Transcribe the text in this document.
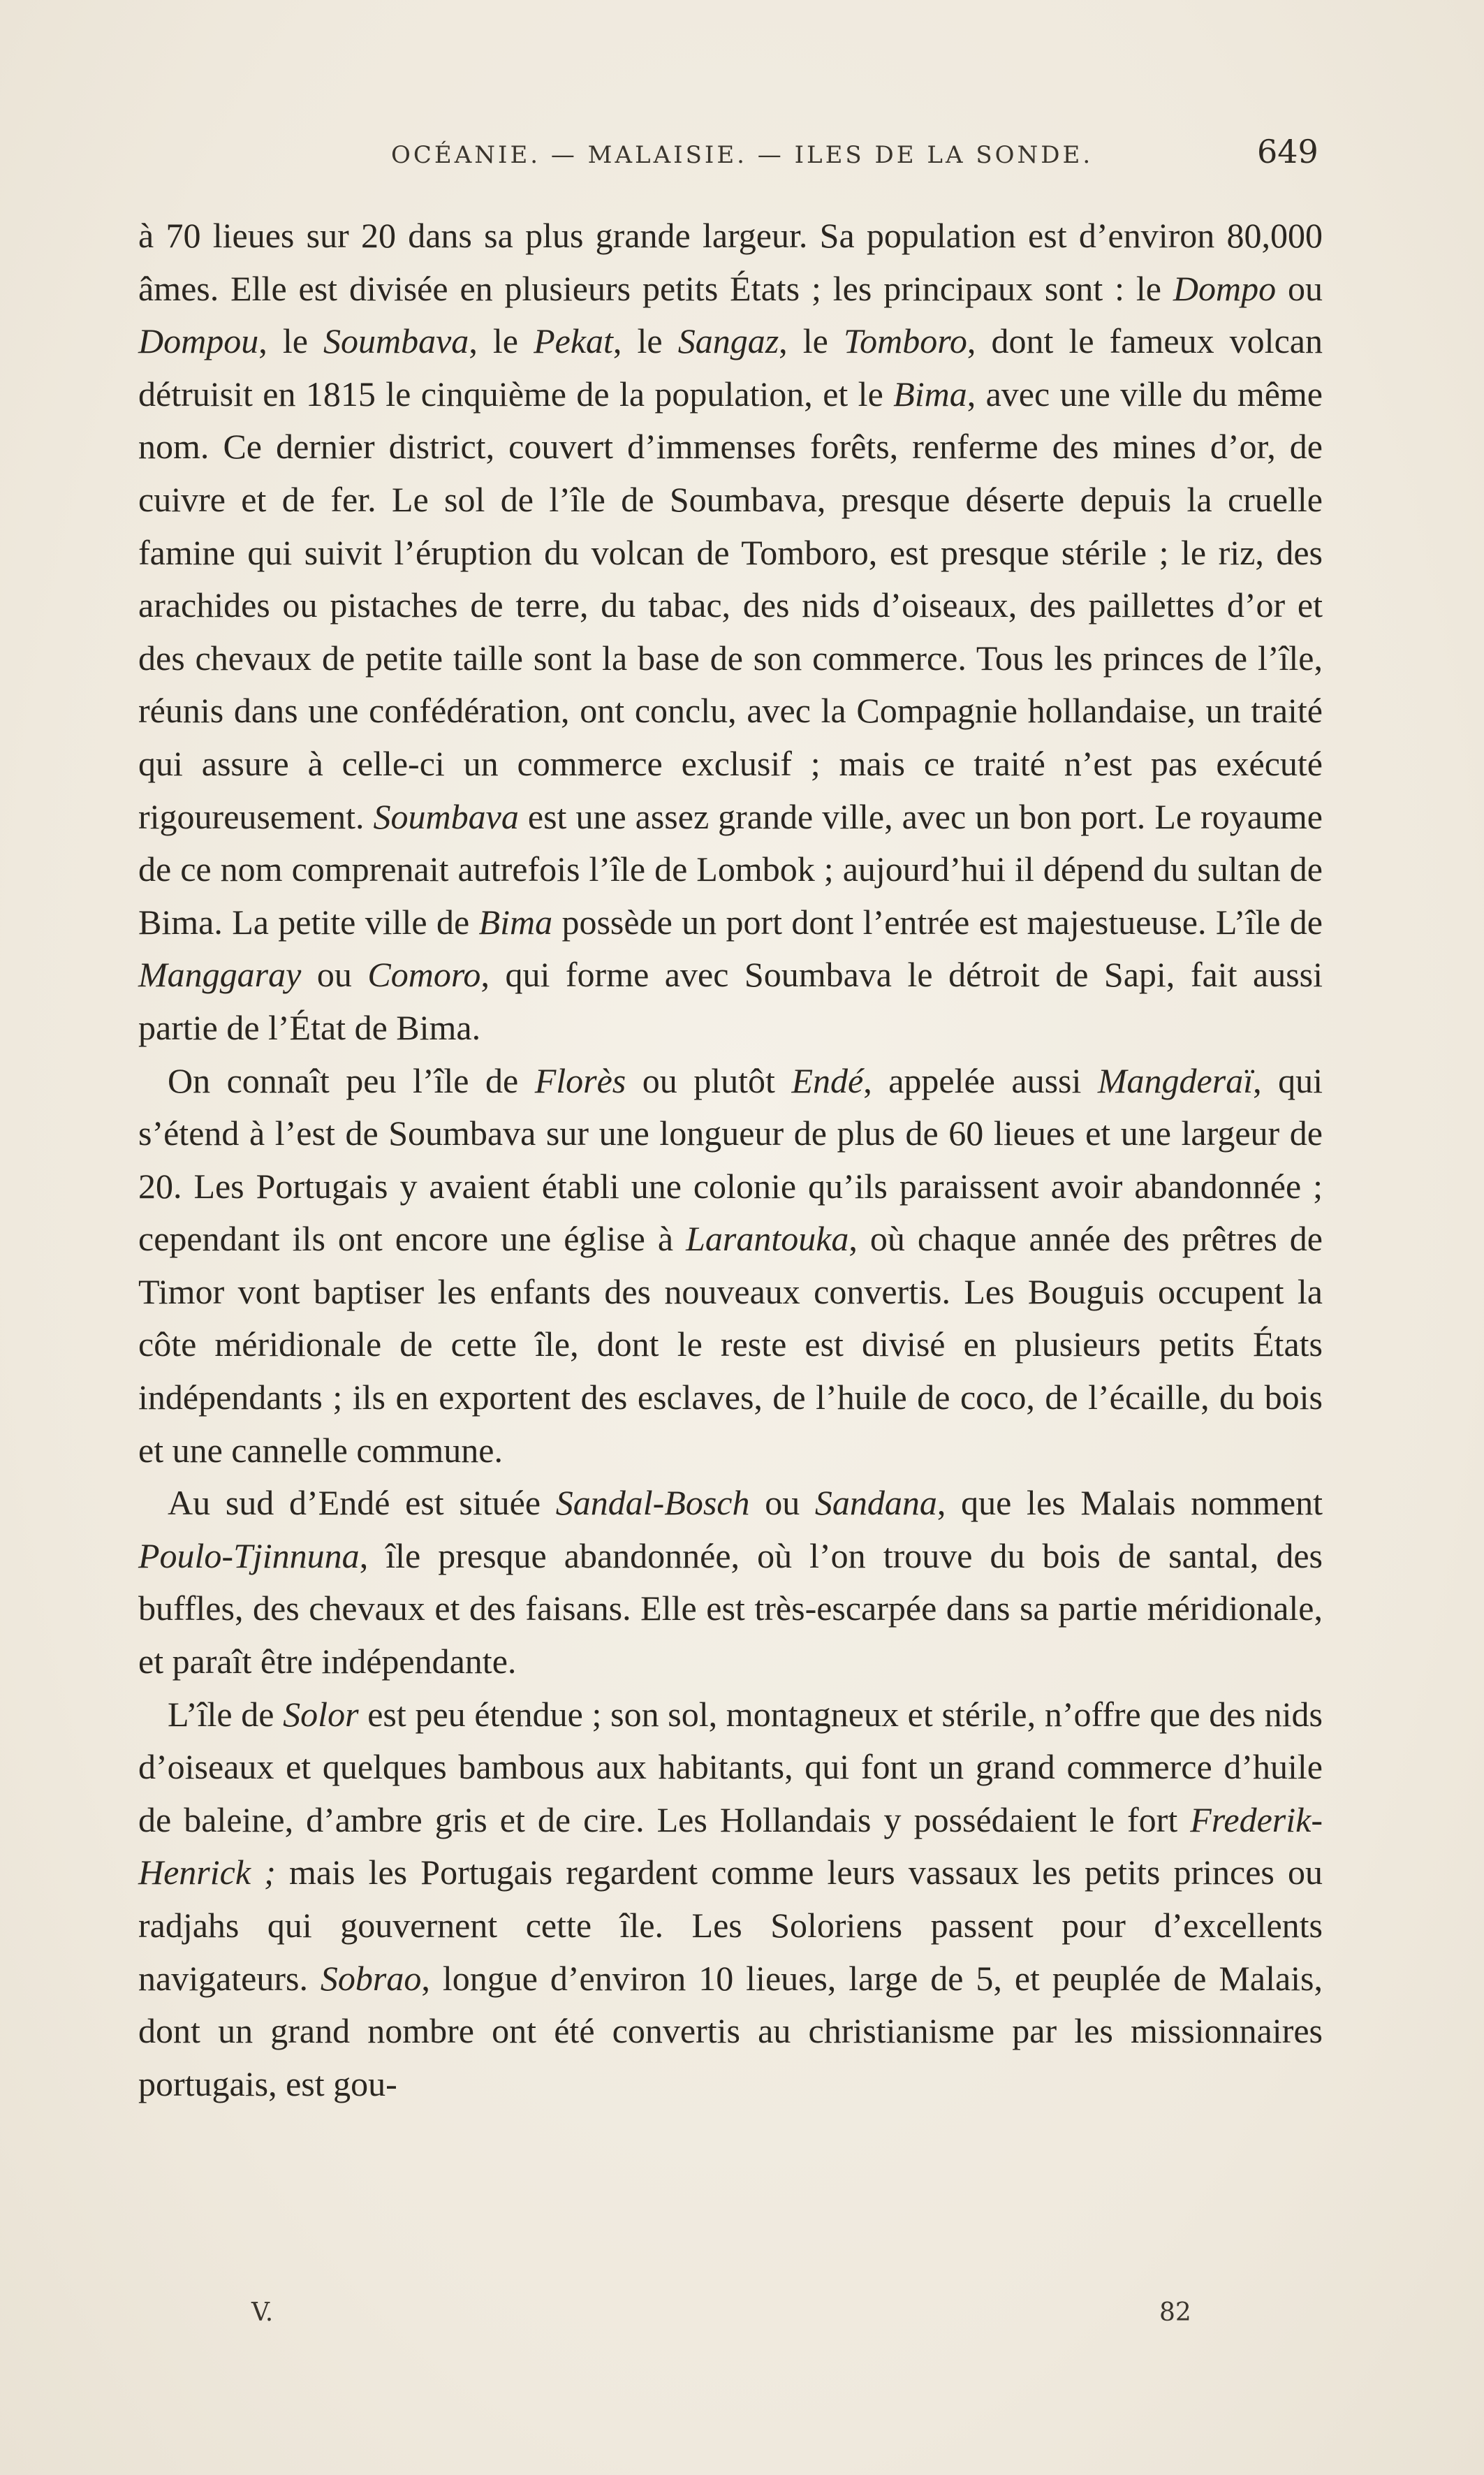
OCÉANIE. — MALAISIE. — ILES DE LA SONDE.	649

à 70 lieues sur 20 dans sa plus grande largeur. Sa population est d’environ 80,000 âmes. Elle est divisée en plusieurs petits États ; les principaux sont : le Dompo ou Dompou, le Soumbava, le Pekat, le Sangaz, le Tomboro, dont le fameux volcan détruisit en 1815 le cinquième de la population, et le Bima, avec une ville du même nom. Ce dernier district, couvert d’immenses forêts, renferme des mines d’or, de cuivre et de fer. Le sol de l’île de Soumbava, presque déserte depuis la cruelle famine qui suivit l’éruption du volcan de Tomboro, est presque stérile ; le riz, des arachides ou pistaches de terre, du tabac, des nids d’oiseaux, des paillettes d’or et des chevaux de petite taille sont la base de son commerce. Tous les princes de l’île, réunis dans une confédération, ont conclu, avec la Compagnie hollandaise, un traité qui assure à celle-ci un commerce exclusif ; mais ce traité n’est pas exécuté rigoureusement. Soumbava est une assez grande ville, avec un bon port. Le royaume de ce nom comprenait autrefois l’île de Lombok ; aujourd’hui il dépend du sultan de Bima. La petite ville de Bima possède un port dont l’entrée est majestueuse. L’île de Manggaray ou Comoro, qui forme avec Soumbava le détroit de Sapi, fait aussi partie de l’État de Bima.

On connaît peu l’île de Florès ou plutôt Endé, appelée aussi Mangderaï, qui s’étend à l’est de Soumbava sur une longueur de plus de 60 lieues et une largeur de 20. Les Portugais y avaient établi une colonie qu’ils paraissent avoir abandonnée ; cependant ils ont encore une église à Larantouka, où chaque année des prêtres de Timor vont baptiser les enfants des nouveaux convertis. Les Bouguis occupent la côte méridionale de cette île, dont le reste est divisé en plusieurs petits États indépendants ; ils en exportent des esclaves, de l’huile de coco, de l’écaille, du bois et une cannelle commune.

Au sud d’Endé est située Sandal-Bosch ou Sandana, que les Malais nomment Poulo-Tjinnuna, île presque abandonnée, où l’on trouve du bois de santal, des buffles, des chevaux et des faisans. Elle est très-escarpée dans sa partie méridionale, et paraît être indépendante.

L’île de Solor est peu étendue ; son sol, montagneux et stérile, n’offre que des nids d’oiseaux et quelques bambous aux habitants, qui font un grand commerce d’huile de baleine, d’ambre gris et de cire. Les Hollandais y possédaient le fort Frederik-Henrick ; mais les Portugais regardent comme leurs vassaux les petits princes ou radjahs qui gouvernent cette île. Les Soloriens passent pour d’excellents navigateurs. Sobrao, longue d’environ 10 lieues, large de 5, et peuplée de Malais, dont un grand nombre ont été convertis au christianisme par les missionnaires portugais, est gou-

V.	82
